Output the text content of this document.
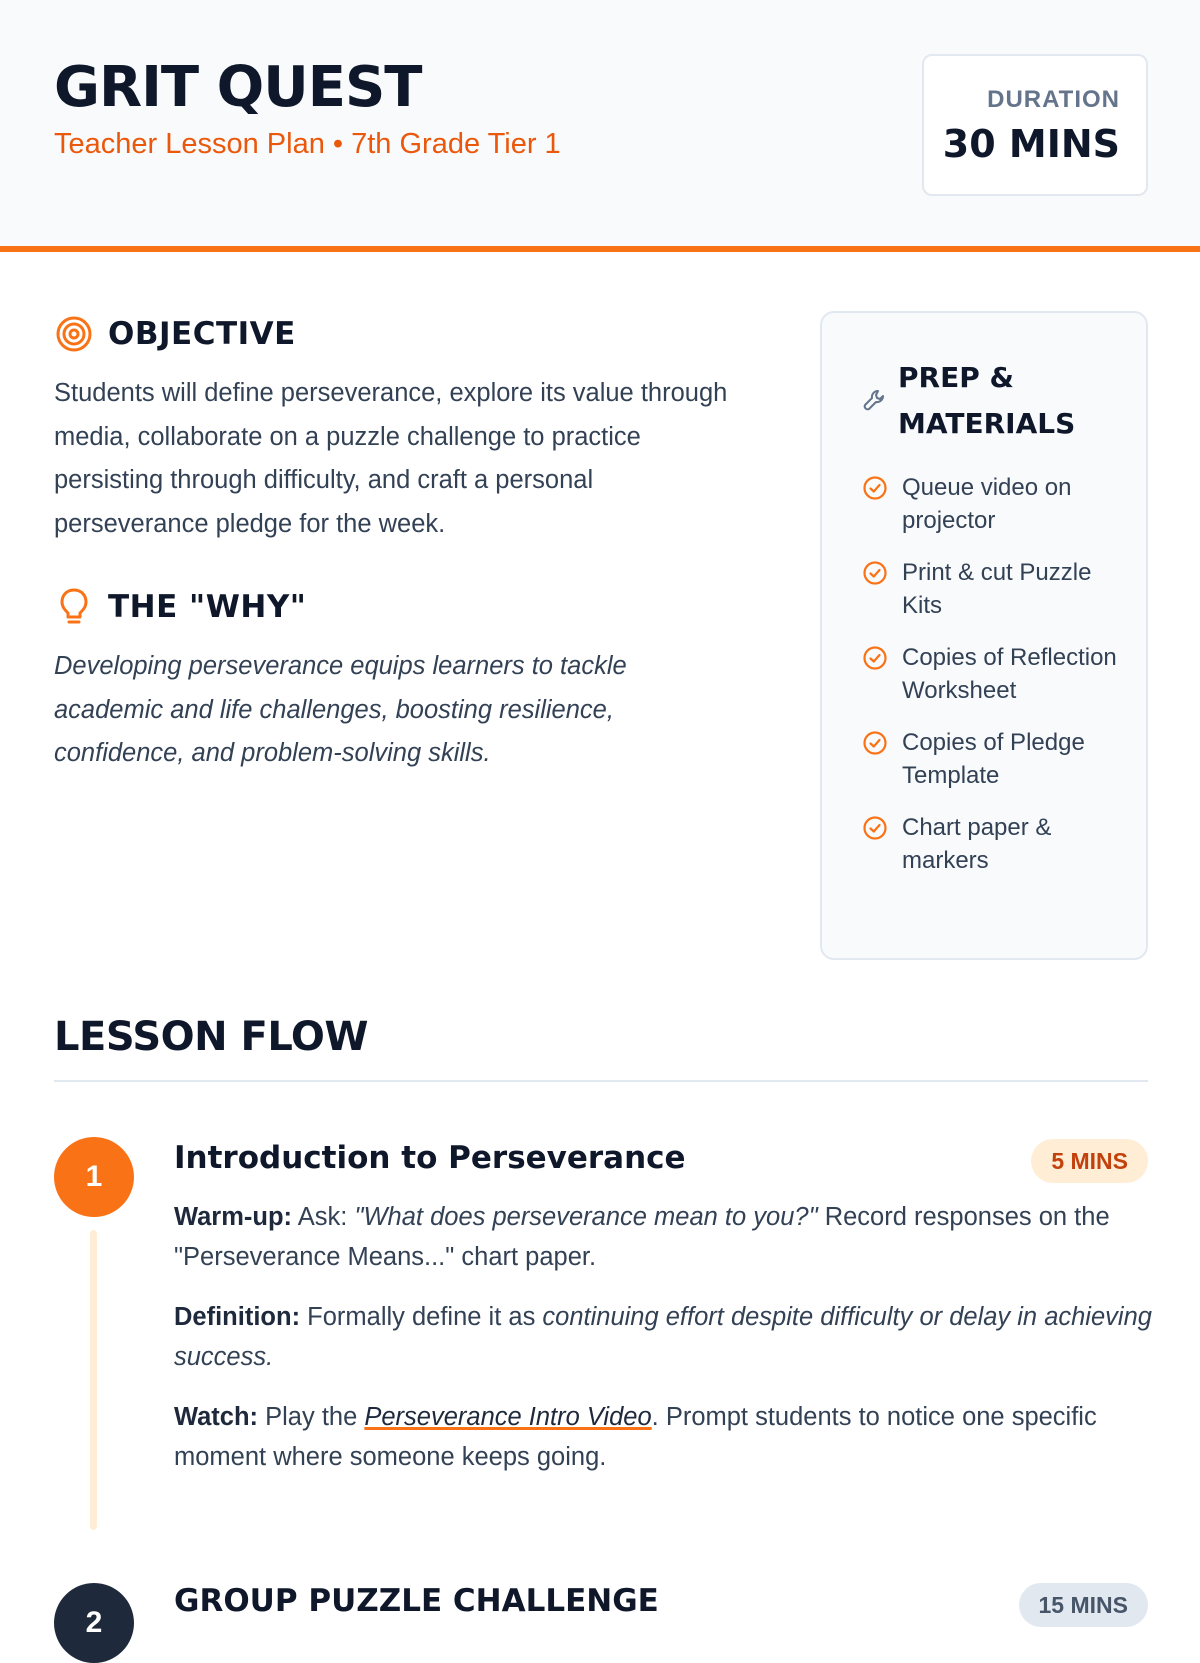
GRIT QUEST
Teacher Lesson Plan • 7th Grade Tier 1
DURATION
30 MINS
OBJECTIVE
Students will define perseverance, explore its value through media, collaborate on a puzzle challenge to practice persisting through difficulty, and craft a personal perseverance pledge for the week.
THE "WHY"
Developing perseverance equips learners to tackle academic and life challenges, boosting resilience, confidence, and problem-solving skills.
PREP & MATERIALS
Queue video on projector
Print & cut Puzzle Kits
Copies of Reflection Worksheet
Copies of Pledge Template
Chart paper & markers
LESSON FLOW
1
Introduction to Perseverance	5 MINS

Warm-up: Ask: "What does perseverance mean to you?" Record responses on the "Perseverance Means..." chart paper.

Definition: Formally define it as continuing effort despite difficulty or delay in achieving success.

Watch: Play the Perseverance Intro Video. Prompt students to notice one specific moment where someone keeps going.

2
GROUP PUZZLE CHALLENGE	15 MINS
